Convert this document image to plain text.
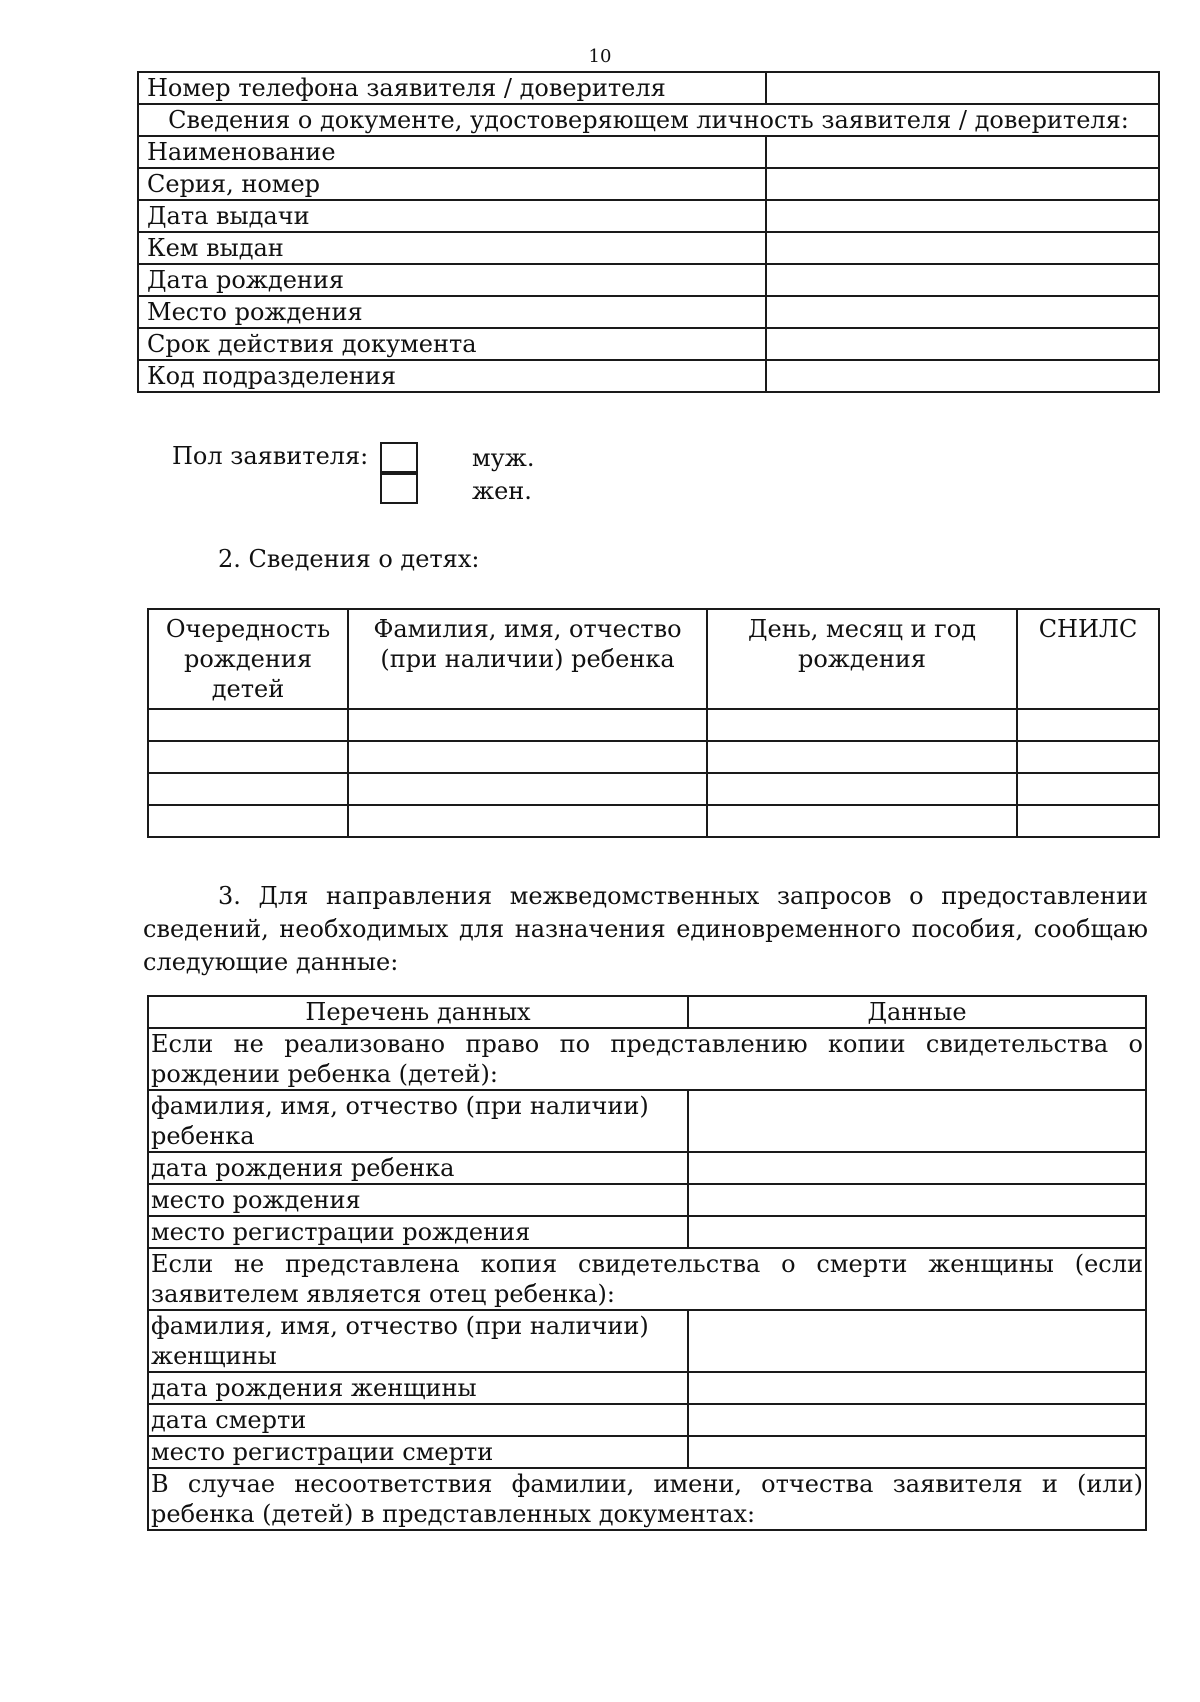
10
Номер телефона заявителя / доверителя	
Сведения о документе, удостоверяющем личность заявителя / доверителя:	
Наименование	
Серия, номер	
Дата выдачи	
Кем выдан	
Дата рождения	
Место рождения	
Срок действия документа	
Код подразделения	
Пол заявителя:	муж.
жен.
2. Сведения о детях:
Очередность рождения детей	Фамилия, имя, отчество (при наличии) ребенка	День, месяц и год рождения	СНИЛС

3. Для направления межведомственных запросов о предоставлении сведений, необходимых для назначения единовременного пособия, сообщаю следующие данные:
Перечень данных	Данные
Если не реализовано право по представлению копии свидетельства о рождении ребенка (детей):	
фамилия, имя, отчество (при наличии) ребенка	
дата рождения ребенка	
место рождения	
место регистрации рождения	
Если не представлена копия свидетельства о смерти женщины (если заявителем является отец ребенка):	
фамилия, имя, отчество (при наличии) женщины	
дата рождения женщины	
дата смерти	
место регистрации смерти	
В случае несоответствия фамилии, имени, отчества заявителя и (или) ребенка (детей) в представленных документах:	
